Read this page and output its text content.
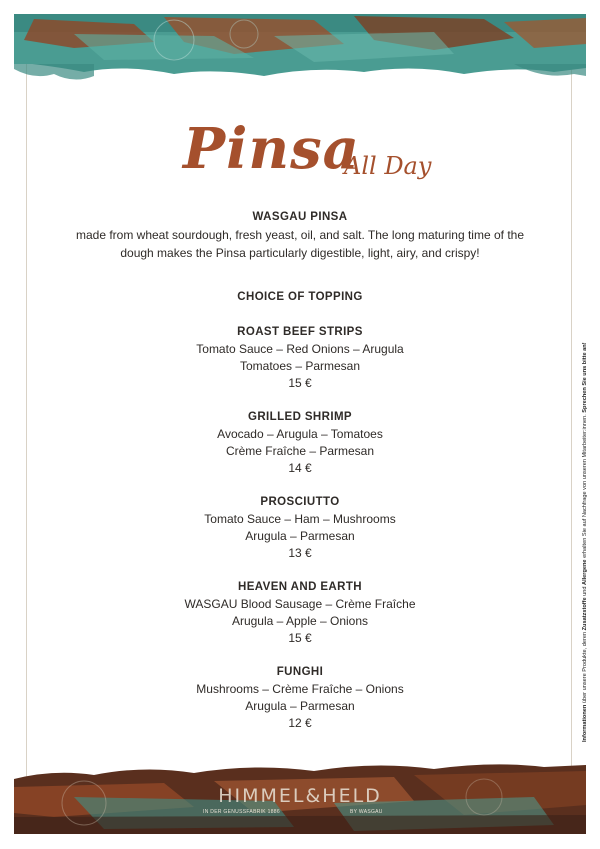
Pinsa
All Day

WASGAU PINSA

made from wheat sourdough, fresh yeast, oil, and salt. The long maturing time of the

dough makes the Pinsa particularly digestible, light, airy, and crispy!

CHOICE OF TOPPING

ROAST BEEF STRIPS

Tomato Sauce – Red Onions – Arugula

Tomatoes – Parmesan

15 €

GRILLED SHRIMP

Avocado – Arugula – Tomatoes

Crème Fraîche – Parmesan

14 €

PROSCIUTTO

Tomato Sauce – Ham – Mushrooms

Arugula – Parmesan

13 €

HEAVEN AND EARTH

WASGAU Blood Sausage – Crème Fraîche

Arugula – Apple – Onions

15 €

FUNGHI

Mushrooms – Crème Fraîche – Onions

Arugula – Parmesan

12 €	Informationen über unsere Produkte, deren Zusatzstoffe und Allergene erhalten Sie auf Nachfrage von unseren Mitarbeiter:innen. Sprechen Sie uns bitte an!
HIMMEL&HELD
IN DER GENUSSFABRIK 1886	BY WASGAU
